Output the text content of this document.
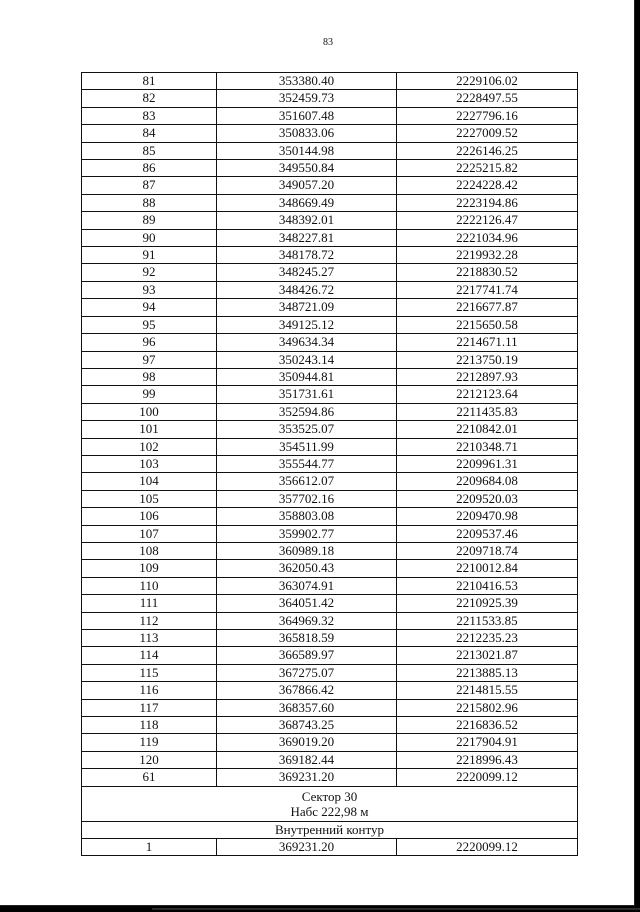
83
81	353380.40	2229106.02
82	352459.73	2228497.55
83	351607.48	2227796.16
84	350833.06	2227009.52
85	350144.98	2226146.25
86	349550.84	2225215.82
87	349057.20	2224228.42
88	348669.49	2223194.86
89	348392.01	2222126.47
90	348227.81	2221034.96
91	348178.72	2219932.28
92	348245.27	2218830.52
93	348426.72	2217741.74
94	348721.09	2216677.87
95	349125.12	2215650.58
96	349634.34	2214671.11
97	350243.14	2213750.19
98	350944.81	2212897.93
99	351731.61	2212123.64
100	352594.86	2211435.83
101	353525.07	2210842.01
102	354511.99	2210348.71
103	355544.77	2209961.31
104	356612.07	2209684.08
105	357702.16	2209520.03
106	358803.08	2209470.98
107	359902.77	2209537.46
108	360989.18	2209718.74
109	362050.43	2210012.84
110	363074.91	2210416.53
111	364051.42	2210925.39
112	364969.32	2211533.85
113	365818.59	2212235.23
114	366589.97	2213021.87
115	367275.07	2213885.13
116	367866.42	2214815.55
117	368357.60	2215802.96
118	368743.25	2216836.52
119	369019.20	2217904.91
120	369182.44	2218996.43
61	369231.20	2220099.12

Сектор 30
Набс 222,98 м		

Внутренний контур		
1	369231.20	2220099.12
